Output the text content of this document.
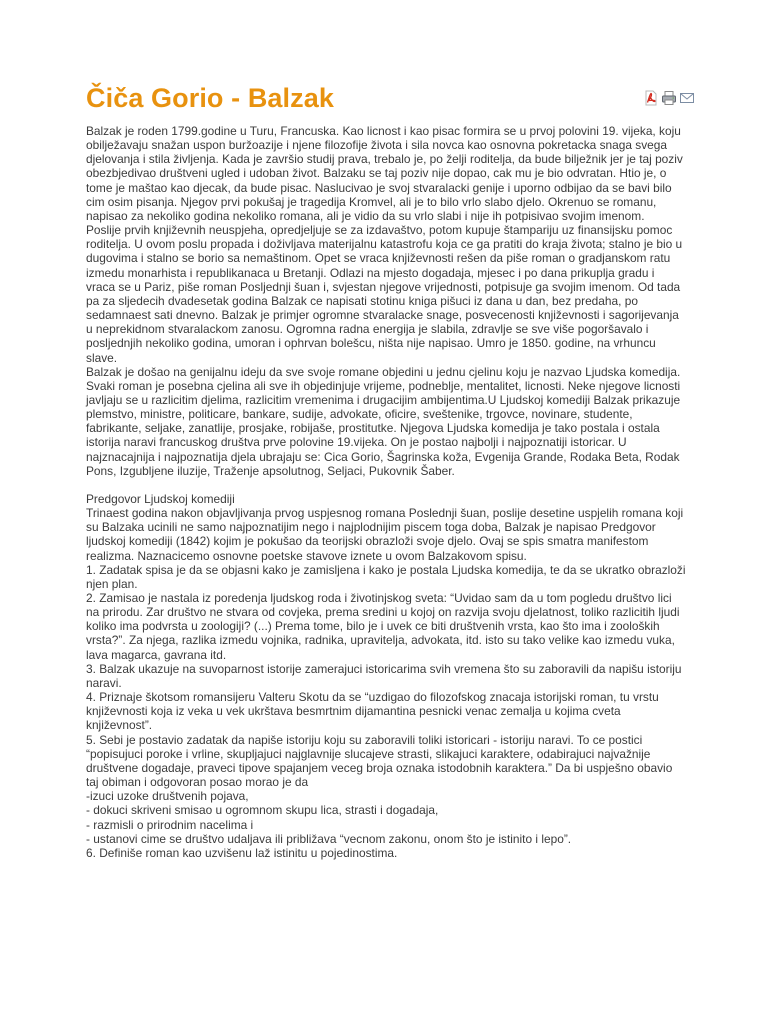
Čiča Gorio - Balzak

Balzak je roden 1799.godine u Turu, Francuska. Kao licnost i kao pisac formira se u prvoj polovini 19. vijeka, koju obilježavaju snažan uspon buržoazije i njene filozofije života i sila novca kao osnovna pokretacka snaga svega djelovanja i stila življenja. Kada je završio studij prava, trebalo je, po želji roditelja, da bude bilježnik jer je taj poziv obezbjedivao društveni ugled i udoban život. Balzaku se taj poziv nije dopao, cak mu je bio odvratan. Htio je, o tome je maštao kao djecak, da bude pisac. Naslucivao je svoj stvaralacki genije i uporno odbijao da se bavi bilo cim osim pisanja. Njegov prvi pokušaj je tragedija Kromvel, ali je to bilo vrlo slabo djelo. Okrenuo se romanu, napisao za nekoliko godina nekoliko romana, ali je vidio da su vrlo slabi i nije ih potpisivao svojim imenom.

Poslije prvih književnih neuspjeha, opredjeljuje se za izdavaštvo, potom kupuje štampariju uz finansijsku pomoc roditelja. U ovom poslu propada i doživljava materijalnu katastrofu koja ce ga pratiti do kraja života; stalno je bio u dugovima i stalno se borio sa nemaštinom. Opet se vraca književnosti rešen da piše roman o gradjanskom ratu izmedu monarhista i republikanaca u Bretanji. Odlazi na mjesto dogadaja, mjesec i po dana prikuplja gradu i vraca se u Pariz, piše roman Posljednji šuan i, svjestan njegove vrijednosti, potpisuje ga svojim imenom. Od tada pa za sljedecih dvadesetak godina Balzak ce napisati stotinu kniga pišuci iz dana u dan, bez predaha, po sedamnaest sati dnevno. Balzak je primjer ogromne stvaralacke snage, posvecenosti književnosti i sagorijevanja u neprekidnom stvaralackom zanosu. Ogromna radna energija je slabila, zdravlje se sve više pogoršavalo i posljednjih nekoliko godina, umoran i ophrvan bolešcu, ništa nije napisao. Umro je 1850. godine, na vrhuncu slave.

Balzak je došao na genijalnu ideju da sve svoje romane objedini u jednu cjelinu koju je nazvao Ljudska komedija. Svaki roman je posebna cjelina ali sve ih objedinjuje vrijeme, podneblje, mentalitet, licnosti. Neke njegove licnosti javljaju se u razlicitim djelima, razlicitim vremenima i drugacijim ambijentima.U Ljudskoj komediji Balzak prikazuje plemstvo, ministre, politicare, bankare, sudije, advokate, oficire, sveštenike, trgovce, novinare, studente, fabrikante, seljake, zanatlije, prosjake, robijaše, prostitutke. Njegova Ljudska komedija je tako postala i ostala istorija naravi francuskog društva prve polovine 19.vijeka. On je postao najbolji i najpoznatiji istoricar. U najznacajnija i najpoznatija djela ubrajaju se: Cica Gorio, Šagrinska koža, Evgenija Grande, Rodaka Beta, Rodak Pons, Izgubljene iluzije, Traženje apsolutnog, Seljaci, Pukovnik Šaber.

Predgovor Ljudskoj komediji

Trinaest godina nakon objavljivanja prvog uspjesnog romana Poslednji šuan, poslije desetine uspjelih romana koji su Balzaka ucinili ne samo najpoznatijim nego i najplodnijim piscem toga doba, Balzak je napisao Predgovor ljudskoj komediji (1842) kojim je pokušao da teorijski obrazloži svoje djelo. Ovaj se spis smatra manifestom realizma. Naznacicemo osnovne poetske stavove iznete u ovom Balzakovom spisu.

1. Zadatak spisa je da se objasni kako je zamisljena i kako je postala Ljudska komedija, te da se ukratko obrazloži njen plan.

2. Zamisao je nastala iz poredenja ljudskog roda i životinjskog sveta: “Uvidao sam da u tom pogledu društvo lici na prirodu. Zar društvo ne stvara od covjeka, prema sredini u kojoj on razvija svoju djelatnost, toliko razlicitih ljudi koliko ima podvrsta u zoologiji? (...) Prema tome, bilo je i uvek ce biti društvenih vrsta, kao što ima i zooloških vrsta?”. Za njega, razlika izmedu vojnika, radnika, upravitelja, advokata, itd. isto su tako velike kao izmedu vuka, lava magarca, gavrana itd.

3. Balzak ukazuje na suvoparnost istorije zamerajuci istoricarima svih vremena što su zaboravili da napišu istoriju naravi.

4. Priznaje škotsom romansijeru Valteru Skotu da se “uzdigao do filozofskog znacaja istorijski roman, tu vrstu književnosti koja iz veka u vek ukrštava besmrtnim dijamantina pesnicki venac zemalja u kojima cveta književnost”.

5. Sebi je postavio zadatak da napiše istoriju koju su zaboravili toliki istoricari - istoriju naravi. To ce postici “popisujuci poroke i vrline, skupljajuci najglavnije slucajeve strasti, slikajuci karaktere, odabirajuci najvažnije društvene dogadaje, praveci tipove spajanjem veceg broja oznaka istodobnih karaktera.” Da bi uspješno obavio taj obiman i odgovoran posao morao je da

-izuci uzoke društvenih pojava,

- dokuci skriveni smisao u ogromnom skupu lica, strasti i dogadaja,

- razmisli o prirodnim nacelima i

- ustanovi cime se društvo udaljava ili približava “vecnom zakonu, onom što je istinito i lepo”.

6. Definiše roman kao uzvišenu laž istinitu u pojedinostima.
